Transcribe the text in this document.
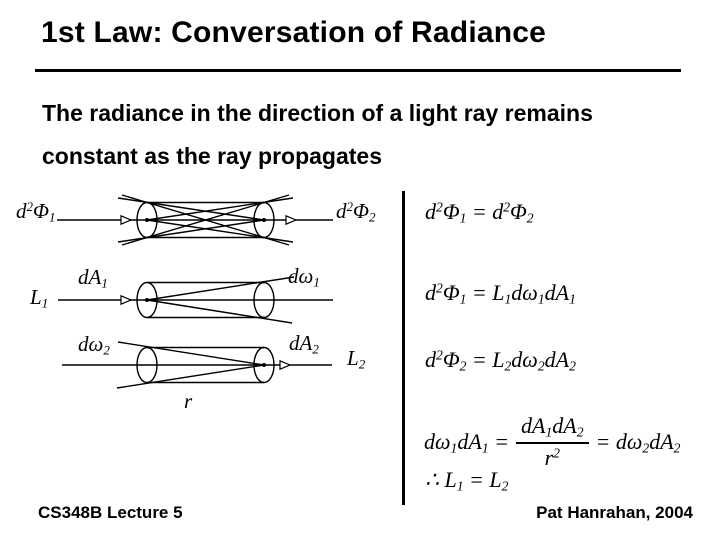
1st Law: Conversation of Radiance
The radiance in the direction of a light ray remains
constant as the ray propagates
$d^2\Phi_1$	$d^2\Phi_2$
$L_1$
$dA_1$	$d\omega_1$
$d\omega_2$	$dA_2$ $L_2$
r
$d^2\Phi_1 = d^2\Phi_2$
$d^2\Phi_1 = L_1d\omega_1dA_1$
$d^2\Phi_2 = L_2d\omega_2dA_2$
$d\omega_1dA_1 = \frac{dA_1dA_2}{r^2} = d\omega_2dA_2$
∴ $L_1 = L_2$
CS348B Lecture 5	Pat Hanrahan, 2004
